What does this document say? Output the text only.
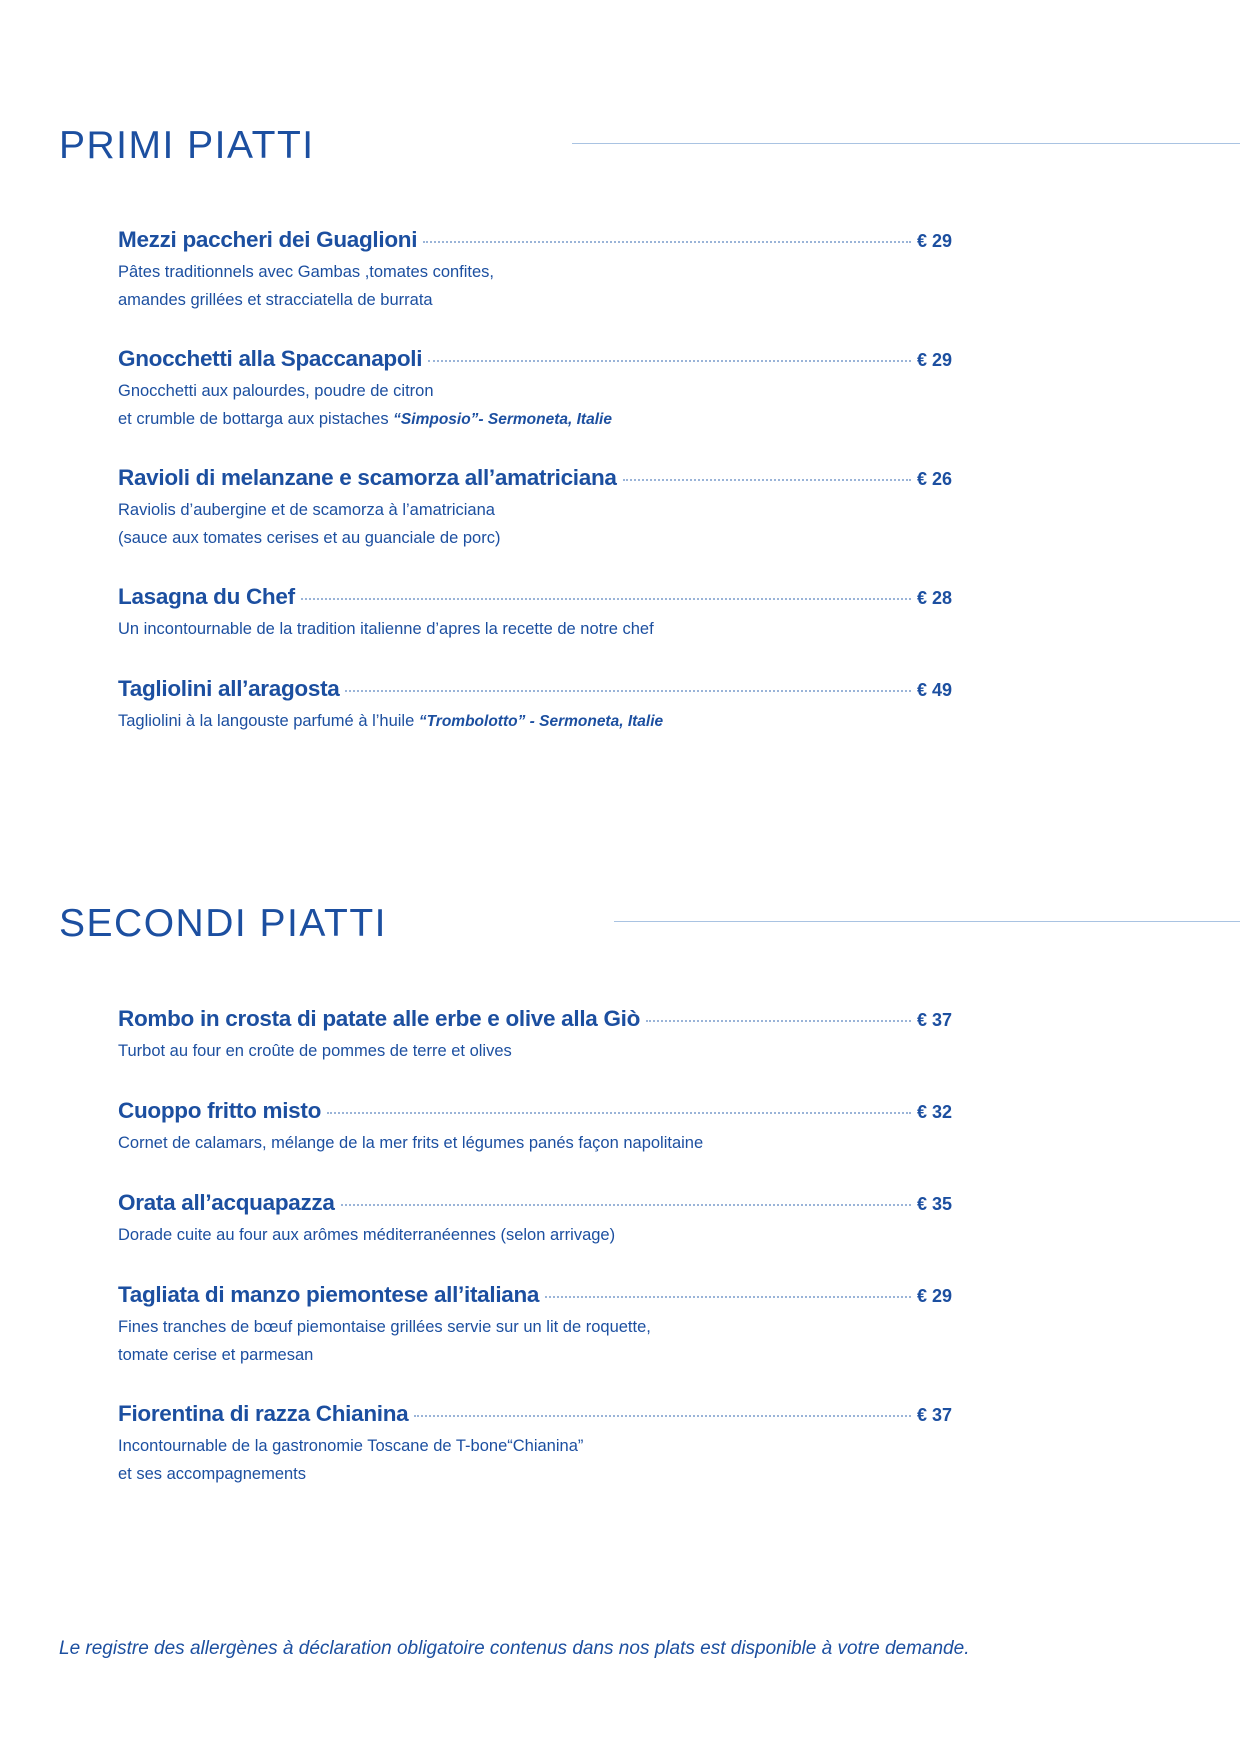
PRIMI PIATTI
Mezzi paccheri dei Guaglioni	€ 29
Pâtes traditionnels avec Gambas ,tomates confites,
amandes grillées et stracciatella de burrata
Gnocchetti alla Spaccanapoli	€ 29
Gnocchetti aux palourdes, poudre de citron
et crumble de bottarga aux pistaches “Simposio”- Sermoneta, Italie
Ravioli di melanzane e scamorza all’amatriciana	€ 26
Raviolis d’aubergine et de scamorza à l’amatriciana
(sauce aux tomates cerises et au guanciale de porc)
Lasagna du Chef	€ 28
Un incontournable de la tradition italienne d’apres la recette de notre chef
Tagliolini all’aragosta	€ 49
Tagliolini à la langouste parfumé à l’huile “Trombolotto” - Sermoneta, Italie
SECONDI PIATTI
Rombo in crosta di patate alle erbe e olive alla Giò	€ 37
Turbot au four en croûte de pommes de terre et olives
Cuoppo fritto misto	€ 32
Cornet de calamars, mélange de la mer frits et légumes panés façon napolitaine
Orata all’acquapazza	€ 35
Dorade cuite au four aux arômes méditerranéennes (selon arrivage)
Tagliata di manzo piemontese all’italiana	€ 29
Fines tranches de bœuf piemontaise grillées servie sur un lit de roquette,
tomate cerise et parmesan
Fiorentina di razza Chianina	€ 37
Incontournable de la gastronomie Toscane de T-bone“Chianina”
et ses accompagnements
Le registre des allergènes à déclaration obligatoire contenus dans nos plats est disponible à votre demande.
